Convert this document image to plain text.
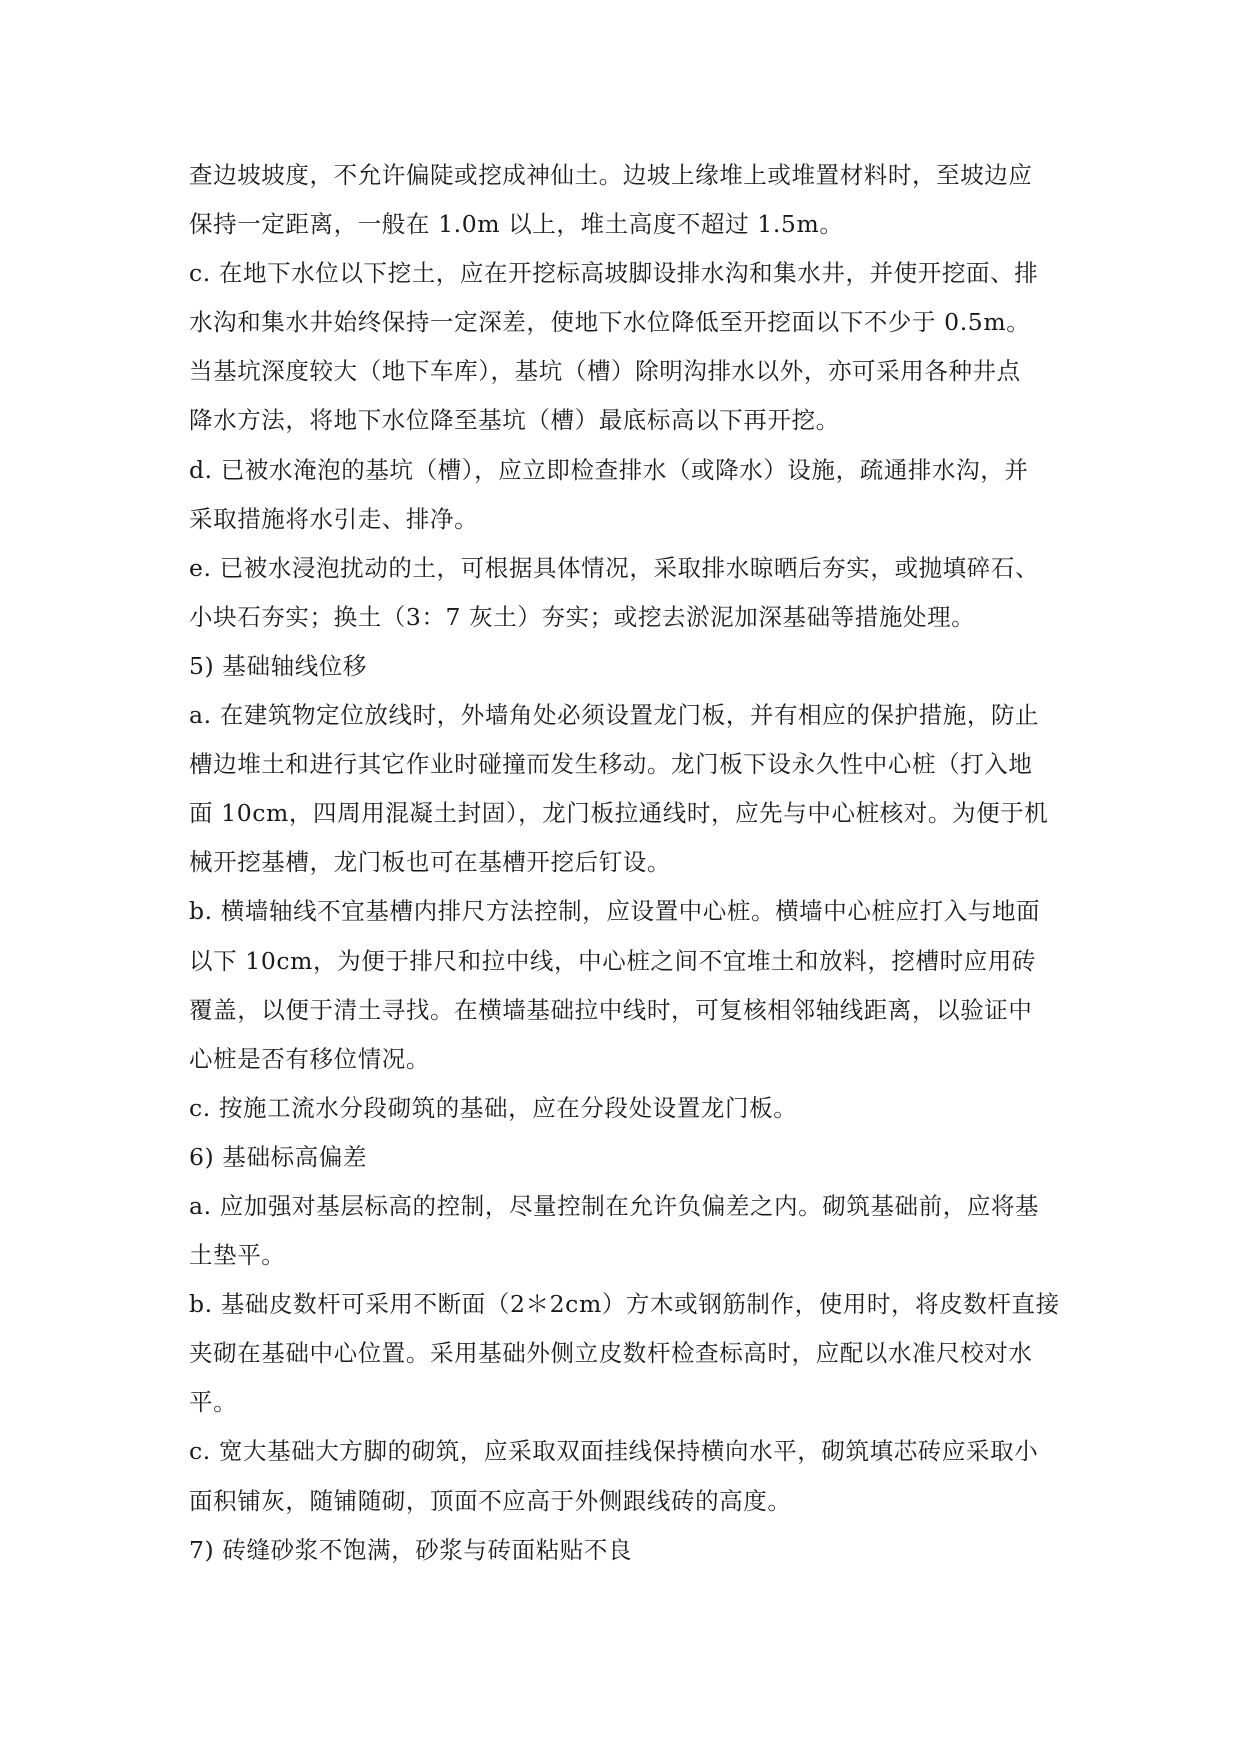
查边坡坡度，不允许偏陡或挖成神仙土。边坡上缘堆上或堆置材料时，至坡边应
保持一定距离，一般在 1.0m 以上，堆土高度不超过 1.5m。
c. 在地下水位以下挖土，应在开挖标高坡脚设排水沟和集水井，并使开挖面、排
水沟和集水井始终保持一定深差，使地下水位降低至开挖面以下不少于 0.5m。
当基坑深度较大（地下车库），基坑（槽）除明沟排水以外，亦可采用各种井点
降水方法，将地下水位降至基坑（槽）最底标高以下再开挖。
d. 已被水淹泡的基坑（槽），应立即检查排水（或降水）设施，疏通排水沟，并
采取措施将水引走、排净。
e. 已被水浸泡扰动的土，可根据具体情况，采取排水晾晒后夯实，或抛填碎石、
小块石夯实；换土（3：7 灰土）夯实；或挖去淤泥加深基础等措施处理。
5) 基础轴线位移
a. 在建筑物定位放线时，外墙角处必须设置龙门板，并有相应的保护措施，防止
槽边堆土和进行其它作业时碰撞而发生移动。龙门板下设永久性中心桩（打入地
面 10cm，四周用混凝土封固），龙门板拉通线时，应先与中心桩核对。为便于机
械开挖基槽，龙门板也可在基槽开挖后钉设。
b. 横墙轴线不宜基槽内排尺方法控制，应设置中心桩。横墙中心桩应打入与地面
以下 10cm，为便于排尺和拉中线，中心桩之间不宜堆土和放料，挖槽时应用砖
覆盖，以便于清土寻找。在横墙基础拉中线时，可复核相邻轴线距离，以验证中
心桩是否有移位情况。
c. 按施工流水分段砌筑的基础，应在分段处设置龙门板。
6) 基础标高偏差
a. 应加强对基层标高的控制，尽量控制在允许负偏差之内。砌筑基础前，应将基
土垫平。
b. 基础皮数杆可采用不断面（2＊2cm）方木或钢筋制作，使用时，将皮数杆直接
夹砌在基础中心位置。采用基础外侧立皮数杆检查标高时，应配以水准尺校对水
平。
c. 宽大基础大方脚的砌筑，应采取双面挂线保持横向水平，砌筑填芯砖应采取小
面积铺灰，随铺随砌，顶面不应高于外侧跟线砖的高度。
7) 砖缝砂浆不饱满，砂浆与砖面粘贴不良
